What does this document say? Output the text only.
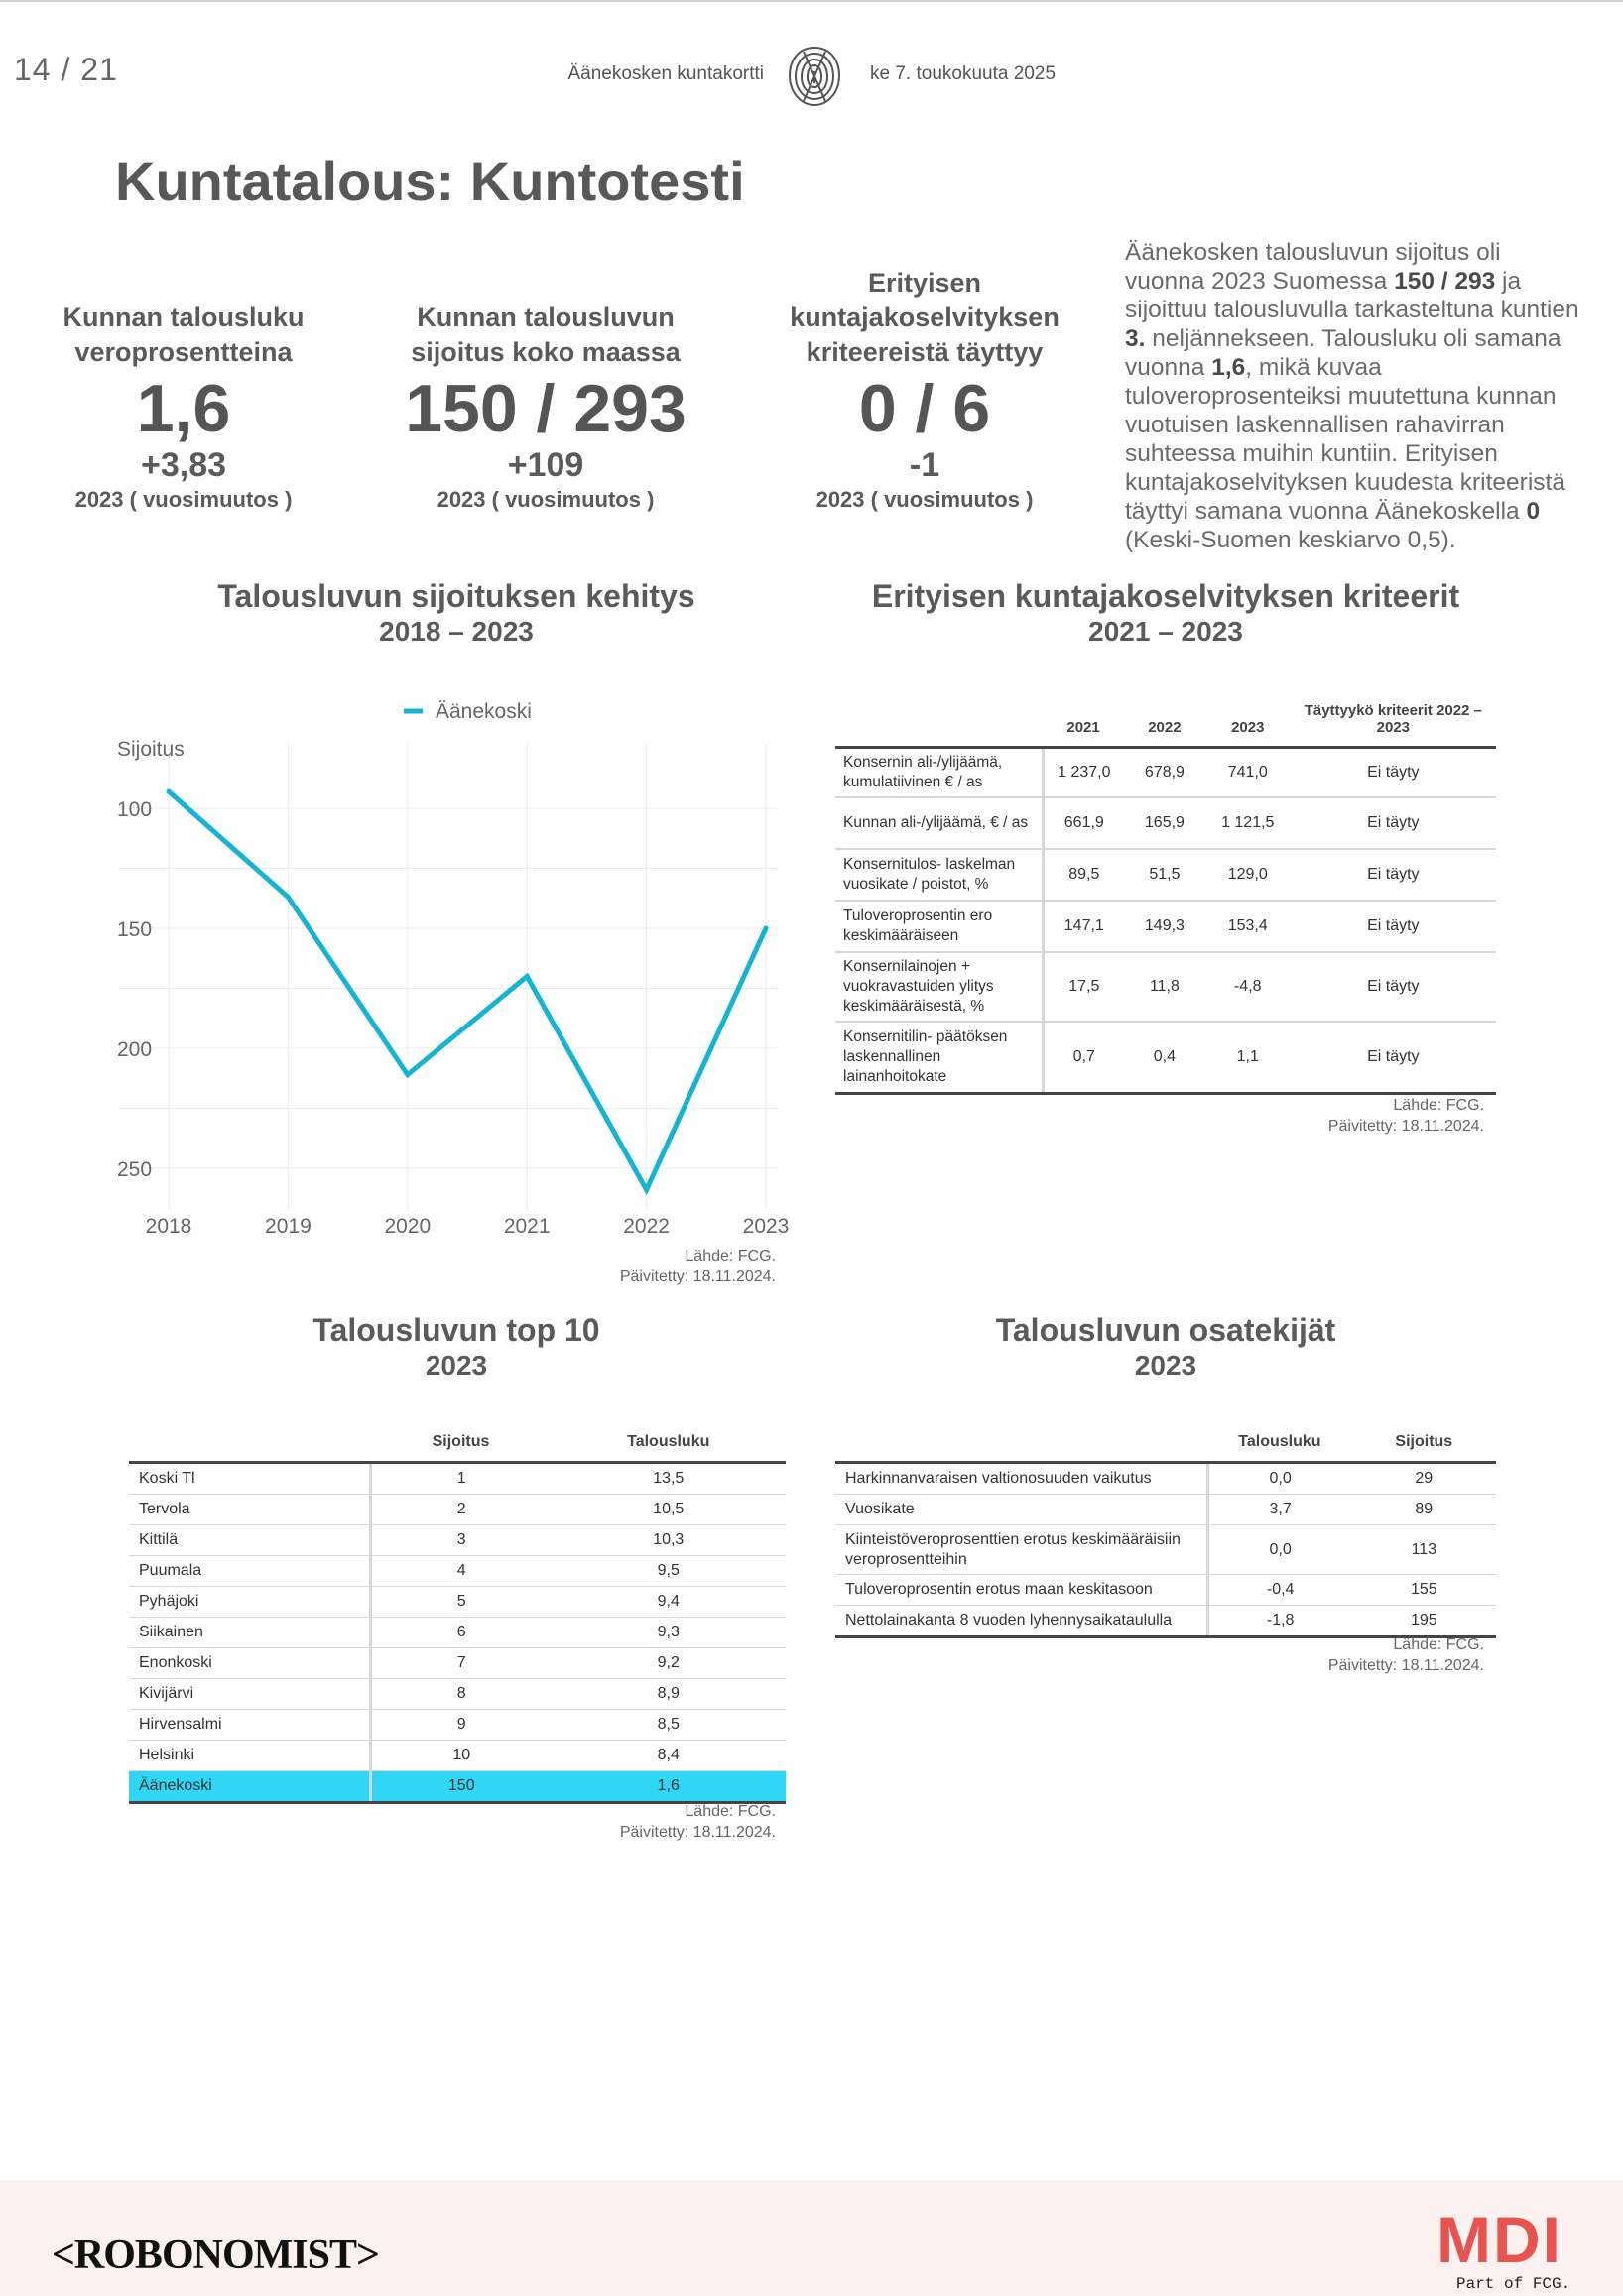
14 / 21	Äänekosken kuntakortti	ke 7. toukokuuta 2025
Kuntatalous: Kuntotesti
Kunnan talousluku veroprosentteina
1,6
+3,83
2023 ( vuosimuutos )
Kunnan talousluvun sijoitus koko maassa
150 / 293
+109
2023 ( vuosimuutos )
Erityisen kuntajakoselvityksen kriteereistä täyttyy
0 / 6
-1
2023 ( vuosimuutos )
Äänekosken talousluvun sijoitus oli vuonna 2023 Suomessa 150 / 293 ja sijoittuu talousluvulla tarkasteltuna kuntien 3. neljännekseen. Talousluku oli samana vuonna 1,6, mikä kuvaa tuloveroprosenteiksi muutettuna kunnan vuotuisen laskennallisen rahavirran suhteessa muihin kuntiin. Erityisen kuntajakoselvityksen kuudesta kriteeristä täyttyi samana vuonna Äänekoskella 0 (Keski-Suomen keskiarvo 0,5).
Talousluvun sijoituksen kehitys
2018 – 2023
Sijoitus
100
150
200
250
2018	2019	2020	2021	2022	2023
Äänekoski
Lähde: FCG.
Päivitetty: 18.11.2024.
Erityisen kuntajakoselvityksen kriteerit
2021 – 2023
	2021	2022	2023	Täyttyykö kriteerit 2022 – 2023
Konsernin ali-/ylijäämä, kumulatiivinen € / as	1 237,0	678,9	741,0	Ei täyty
Kunnan ali-/ylijäämä, € / as	661,9	165,9	1 121,5	Ei täyty
Konsernitulos- laskelman vuosikate / poistot, %	89,5	51,5	129,0	Ei täyty
Tuloveroprosentin ero keskimääräiseen	147,1	149,3	153,4	Ei täyty
Konsernilainojen + vuokravastuiden ylitys keskimääräisestä, %	17,5	11,8	-4,8	Ei täyty
Konsernitilin- päätöksen laskennallinen lainanhoitokate	0,7	0,4	1,1	Ei täyty
Lähde: FCG.
Päivitetty: 18.11.2024.
Talousluvun top 10
2023
	Sijoitus	Talousluku
Koski Tl	1	13,5
Tervola	2	10,5
Kittilä	3	10,3
Puumala	4	9,5
Pyhäjoki	5	9,4
Siikainen	6	9,3
Enonkoski	7	9,2
Kivijärvi	8	8,9
Hirvensalmi	9	8,5
Helsinki	10	8,4
Äänekoski	150	1,6
Lähde: FCG.
Päivitetty: 18.11.2024.
Talousluvun osatekijät
2023
	Talousluku	Sijoitus
Harkinnanvaraisen valtionosuuden vaikutus	0,0	29
Vuosikate	3,7	89
Kiinteistöveroprosenttien erotus keskimääräisiin veroprosentteihin	0,0	113
Tuloveroprosentin erotus maan keskitasoon	-0,4	155
Nettolainakanta 8 vuoden lyhennysaikataululla	-1,8	195
Lähde: FCG.
Päivitetty: 18.11.2024.
<ROBONOMIST>	MDI
Part of FCG.
